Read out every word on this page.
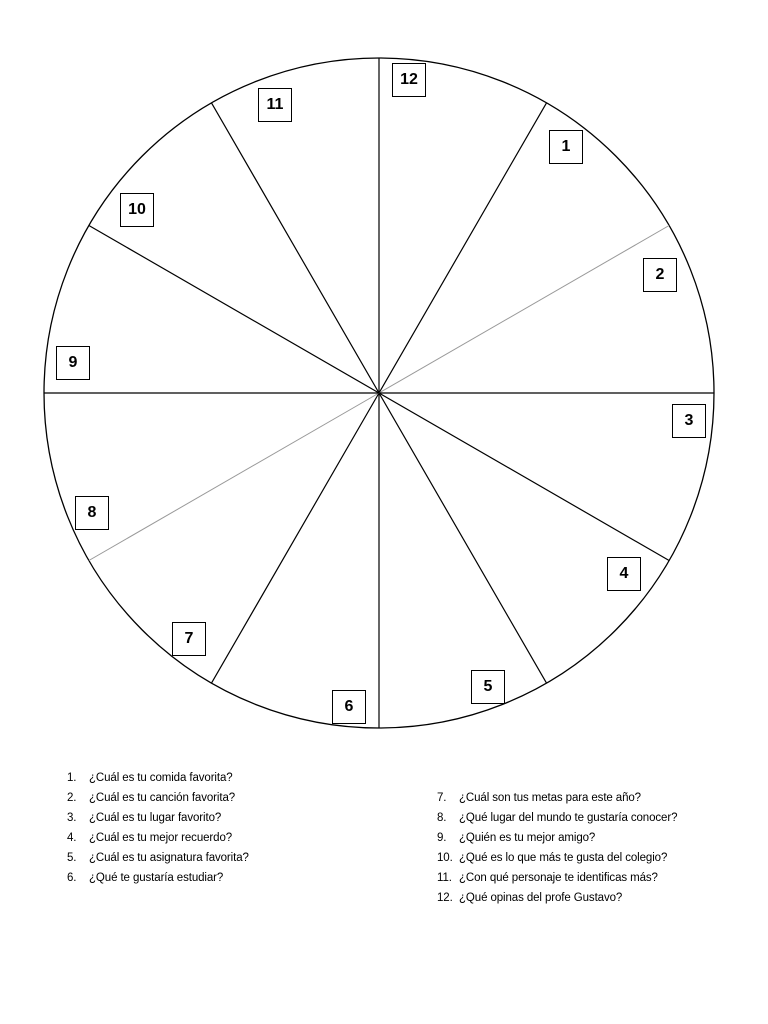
12
1
2
3
4
5
6
7
8
9
10
11
1.	¿Cuál es tu comida favorita?
2.	¿Cuál es tu canción favorita?
3.	¿Cuál es tu lugar favorito?
4.	¿Cuál es tu mejor recuerdo?
5.	¿Cuál es tu asignatura favorita?
6.	¿Qué te gustaría estudiar?
7.	¿Cuál son tus metas para este año?
8.	¿Qué lugar del mundo te gustaría conocer?
9.	¿Quién es tu mejor amigo?
10. ¿Qué es lo que más te gusta del colegio?
11. ¿Con qué personaje te identificas más?
12. ¿Qué opinas del profe Gustavo?
